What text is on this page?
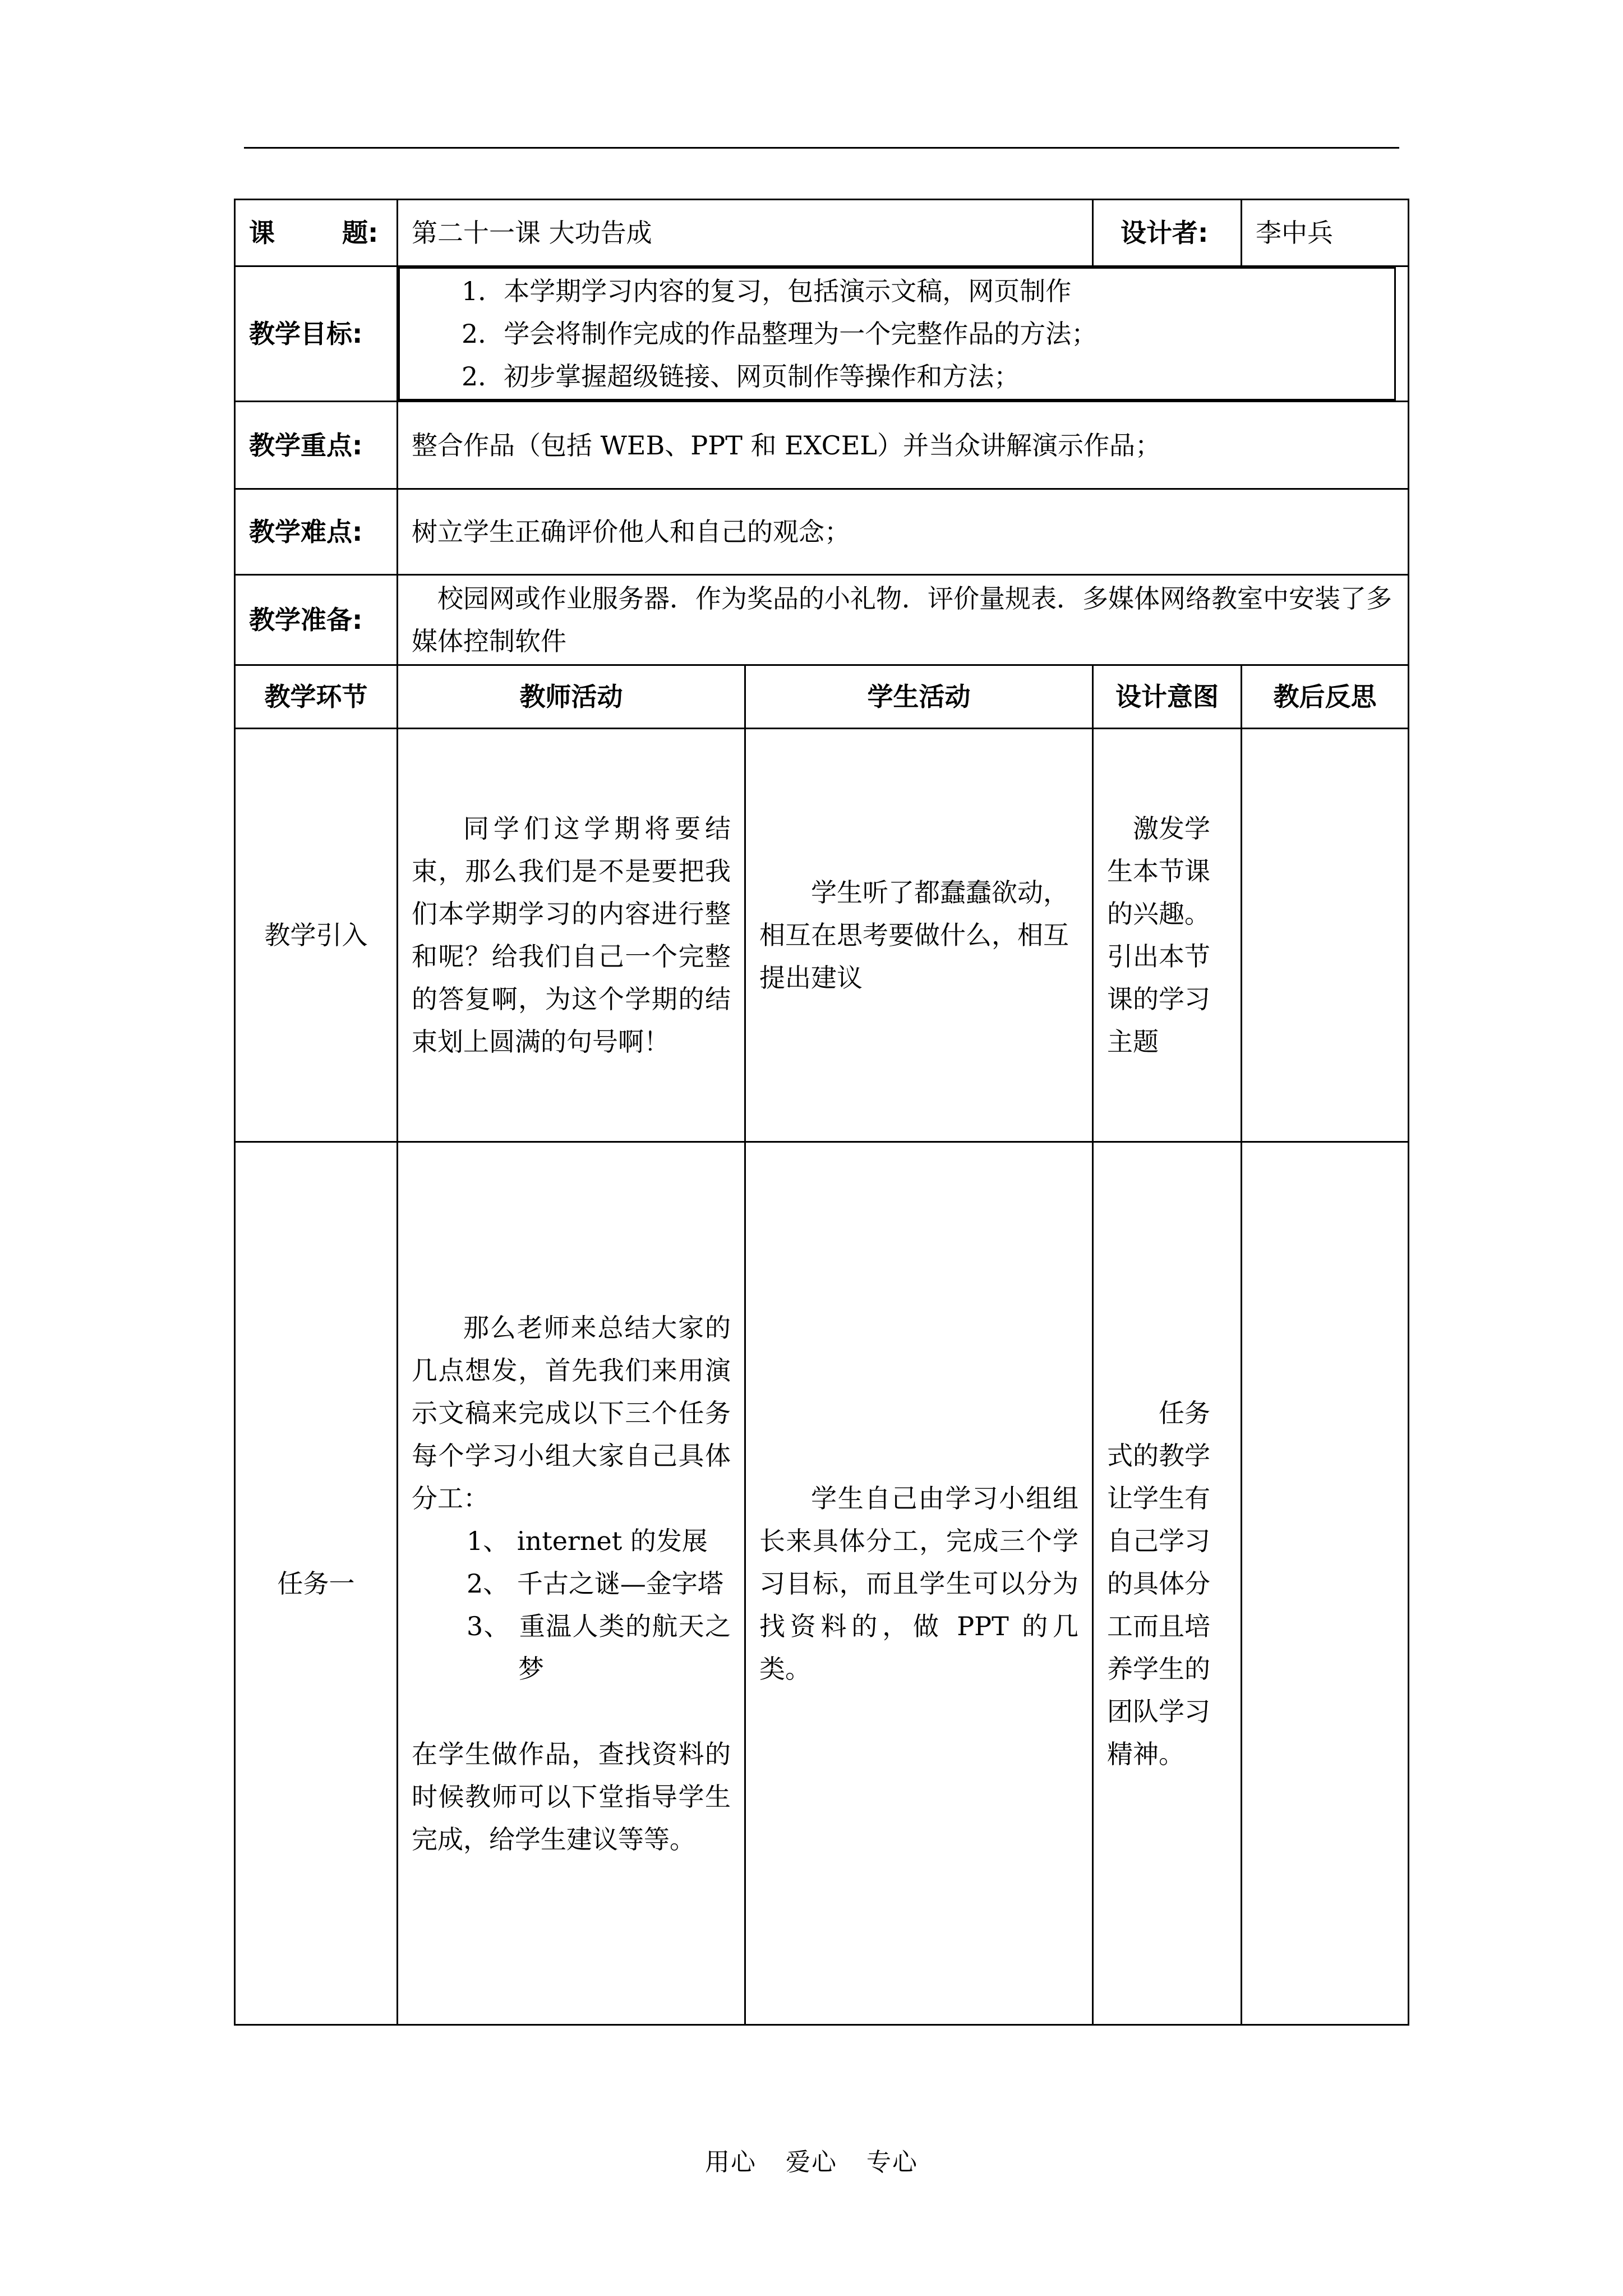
课 题:	第二十一课 大功告成		设计者:	李中兵
教学目标:	1．本学期学习内容的复习，包括演示文稿，网页制作
2．学会将制作完成的作品整理为一个完整作品的方法；
2．初步掌握超级链接、网页制作等操作和方法；			

教学重点:	整合作品（包括 WEB、PPT 和 EXCEL）并当众讲解演示作品；			
教学难点:	树立学生正确评价他人和自己的观念；			
教学准备:	校园网或作业服务器．作为奖品的小礼物．评价量规表．多媒体网络教室中安装了多媒体控制软件			
教学环节	教师活动	学生活动	设计意图	教后反思
教学引入	同学们这学期将要结束，那么我们是不是要把我们本学期学习的内容进行整和呢？给我们自己一个完整的答复啊，为这个学期的结束划上圆满的句号啊！	学生听了都蠢蠢欲动，相互在思考要做什么，相互提出建议	激发学生本节课的兴趣。引出本节课的学习主题	

任务一	那么老师来总结大家的几点想发，首先我们来用演示文稿来完成以下三个任务每个学习小组大家自己具体分工：
1、 internet 的发展
2、 千古之谜—金字塔
3、 重温人类的航天之梦
在学生做作品，查找资料的时候教师可以下堂指导学生完成，给学生建议等等。	学生自己由学习小组组长来具体分工，完成三个学习目标，而且学生可以分为找资料的，做 PPT 的几类。	任务式的教学让学生有自己学习的具体分工而且培养学生的团队学习精神。	

用心 爱心 专心
